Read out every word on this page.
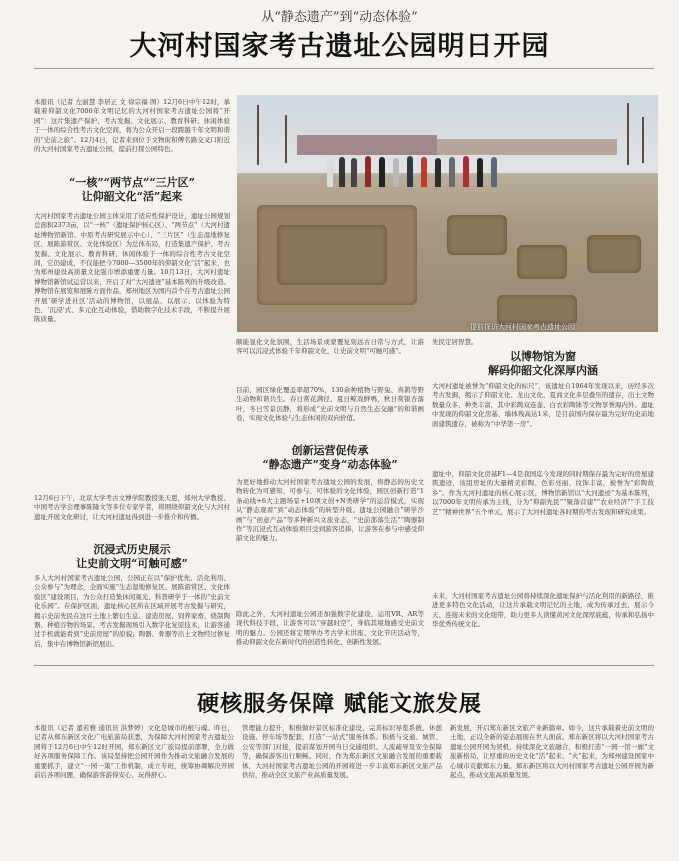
从“静态遗产”到“动态体验”
大河村国家考古遗址公园明日开园

本报讯（记者 左丽慧 李居正 文 徐宗福 图）12月6日中午12时，承载着仰韶文化7000年文明记忆的大河村国家考古遗址公园将“开园”：这片集遗产保护、考古发掘、文化展示、教育科研、休闲体验于一体的综合性考古文化空间，将为公众开启一段跨越千年文明和谐的“史前之旅”。12月4日，记者来到位于文物街和傅名路交叉口附近的大河村国家考古遗址公园，提前打探公园特色。

“一核”“两节点”“三片区”
让仰韶文化“活”起来

大河村国家考古遗址公园主体采用了适应性保护设计，遗址公园规划总面积2373亩，以“一核”（遗址保护核心区）、“两节点”（大河村遗址博物馆新馆、中原考古研究展示中心）、“三片区”（生态湿地修复区、展陈游赏区、文化体验区）为总体布局，打造集遗产保护、考古发掘、文化展示、教育科研、休闲体验于一体的综合性考古文化空间，它仍建成，不仅能把今7000—3500年的仰韶文化“活”起来，也为郑州建设高质量文化强市增添重要力量。10月13日，大河村遗址博物馆新馆试运营以来，开启了对“大河遗迹”基本陈列的升级改造。博物馆在展览和展陈方面作品，郑州地区为国内首个在考古遗址公园开展‘研学进社区’活动的博物馆，以展品、以展示、以体验为特色，‘沉浸’式、多元化互动体验，借助数字化技术手段，不断提升展陈质量。

12月6日下午，北京大学考古文博学院教授张天恩，郑州大学教授、中国考古学会理事陈隆文等多位专家学者，将围绕仰韶文化与大河村遗址开展文化研讨，让大河村遗址得到进一步推介和传播。

沉浸式历史展示
让史前文明“可触可感”

多人大河村国家考古遗址公园，公园正在以“保护优先、活化利用、公众参与”为理念，全面实施“生态湿地修复区、展陈游赏区、文化体验区”建设项目，为公众打造集休闲观光、科普研学于一体的“史前文化乐园”。在保护区面，遗址核心区所在区域开展考古发掘与研究，揭示史前先民在这片土地上繁衍生息、建造房屋、饲养家畜、烧制陶器、种植谷物的场景。考古发掘现场引入数字化复原技术，让游客通过手机就能看到“史前房屋”的原貌；陶器、骨器等出土文物经过修复后，集中在博物馆新馆展出。

提前探访大河村国家考古遗址公园

颇能显化文化氛围，生活场景或蒙覆复刻远古日常与方式，让游客可以沉浸式体验千年仰韶文化，让史前文明“可触可感”。

目前，园区绿化覆盖率超70%，130余种植物与野兔、喜鹊等野生动物和谐共生。春日赏花满径，夏日鲸戏鲜鸭，秋日赏银杏落叶，冬日雪景沉静，将形成“史前文明与自然生态交融”的和谐画卷，实现文化体验与生态休闲的双向价值。

创新运营促传承
“静态遗产”变身“动态体验”

为更好地推动大河村国家考古遗址公园的发展，将静态的历史文物转化为可感知、可参与、可体验的文化体验，园区创新打造“1条动线+6大主题场景+10项文创+N类研学”的运营模式，实现从“静态观看”到“动态体验”的转型升级。遗址公园融合“研学沙画”与“创意产品”等多种新兴文旅业态，“史前部落生活”“陶器制作”等沉浸式互动体验项目受到游客追捧，让游客在参与中感受仰韶文化的魅力。

除此之外，大河村遗址公园还加强数字化建设，运用VR、AR等现代科技手段，让游客可以“穿越时空”，身临其境地感受史前文明的魅力。公园还将定期举办考古学术讲座、文化节庆活动等，推动仰韶文化在新时代的创造性转化、创新性发展。

先民定居智慧。

以博物馆为窗
解码仰韶文化深厚内涵

大河村遗址被誉为“仰韶文化的标尺”，该遗址自1964年发现以来，历经多次考古发掘，揭示了仰韶文化、龙山文化、夏商文化多层叠压的遗存，出土文物数量众多、种类丰富，其中彩陶双连壶、白衣彩陶钵等文物享誉海内外。遗址中发现的仰韶文化房基，墙体残高达1米，是目前国内保存最为完好的史前地面建筑遗存，被称为“中华第一房”。

遗址中，仰韶文化房基F1—4是我国迄今发现的同时期保存最为完好的房屋建筑遗迹，该组房址的大量精美彩陶、色彩亮丽、纹饰丰富，被誉为“彩陶故乡”。作为大河村遗址的核心展示区，博物馆新馆以“大河遗迹”为基本陈列，以7000年文明传承为主线，分为“仰韶先民”“聚落营建”“农业经济”“手工技艺”“精神世界”五个单元，展示了大河村遗址各时期的考古发现和研究成果。

未来，大河村国家考古遗址公园将持续深化遗址保护与活化利用的新路径，推进更多特色文化活动，让这片承载文明记忆的土地，成为传承过去、展示今天、连接未来的文化纽带，助力更多人读懂黄河文化深厚底蕴，传承和弘扬中华优秀传统文化。

硬核服务保障 赋能文旅发展

本报讯（记者 董若雅 通讯员 洪梦婷）文化是城市的根与魂。昨日，记者从郑东新区文化广电旅游局获悉，为保障大河村国家考古遗址公园将于12月6日中午12时开园，郑东新区文广旅局提前部署，全力做好各项服务保障工作。该局坚持把公园开园作为推动文旅融合发展的重要抓手，建立“一园一策”工作机制，成立专班，统筹协调解决开园前后各项问题，确保游客游得安心、玩得舒心。

管理能力提升，积极做好景区标准化建设，完善标识导览系统、休憩设施、停车场等配套，打造“一站式”服务体系。积极与交通、城管、公安等部门对接，提前谋划开园当日交通组织、人流疏导及安全保障等，确保游客出行顺畅。同时，作为郑东新区文旅融合发展的重要载体，大河村国家考古遗址公园的开园将进一步丰富郑东新区文旅产品供给，推动全区文旅产业高质量发展。

新发展，开启郑东新区文旅产业新篇章。如今，这片承载着史前文明的土地，正以全新的姿态展现在世人面前。郑东新区将以大河村国家考古遗址公园开园为契机，持续深化文旅融合，积极打造“一园一馆一廊”文旅新格局，让厚重的历史文化“活”起来、“火”起来，为郑州建设国家中心城市贡献郑东力量。郑东新区将以大河村国家考古遗址公园开园为新起点，推动文旅高质量发展。
